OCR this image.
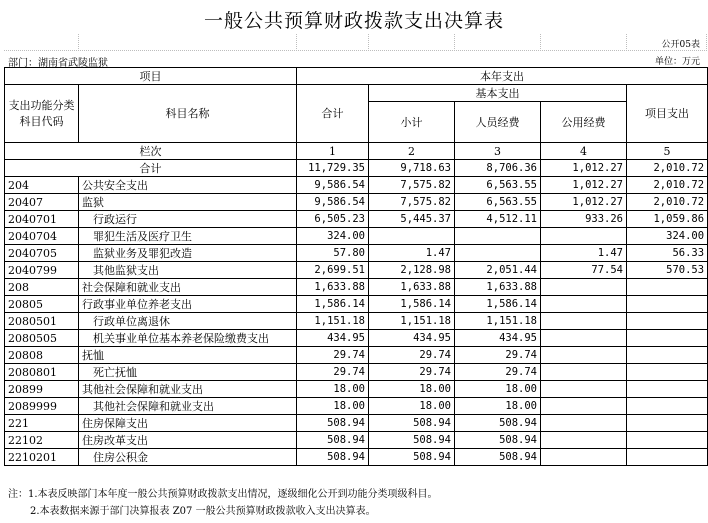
一般公共预算财政拨款支出决算表
公开05表
部门：湖南省武陵监狱	单位：万元
项目		本年支出				
支出功能分类科目代码	科目名称	合计	基本支出			项目支出
			小计	人员经费	公用经费	

栏次		1	2	3	4	5
合计		11,729.35	9,718.63	8,706.36	1,012.27	2,010.72
204	公共安全支出	9,586.54	7,575.82	6,563.55	1,012.27	2,010.72
20407	监狱	9,586.54	7,575.82	6,563.55	1,012.27	2,010.72
2040701	行政运行	6,505.23	5,445.37	4,512.11	933.26	1,059.86
2040704	罪犯生活及医疗卫生	324.00				324.00
2040705	监狱业务及罪犯改造	57.80	1.47		1.47	56.33
2040799	其他监狱支出	2,699.51	2,128.98	2,051.44	77.54	570.53
208	社会保障和就业支出	1,633.88	1,633.88	1,633.88		
20805	行政事业单位养老支出	1,586.14	1,586.14	1,586.14		
2080501	行政单位离退休	1,151.18	1,151.18	1,151.18		
2080505	机关事业单位基本养老保险缴费支出	434.95	434.95	434.95		
20808	抚恤	29.74	29.74	29.74		
2080801	死亡抚恤	29.74	29.74	29.74		
20899	其他社会保障和就业支出	18.00	18.00	18.00		
2089999	其他社会保障和就业支出	18.00	18.00	18.00		
221	住房保障支出	508.94	508.94	508.94		
22102	住房改革支出	508.94	508.94	508.94		
2210201	住房公积金	508.94	508.94	508.94		
注：1.本表反映部门本年度一般公共预算财政拨款支出情况，逐级细化公开到功能分类项级科目。
2.本表数据来源于部门决算报表 Z07 一般公共预算财政拨款收入支出决算表。
